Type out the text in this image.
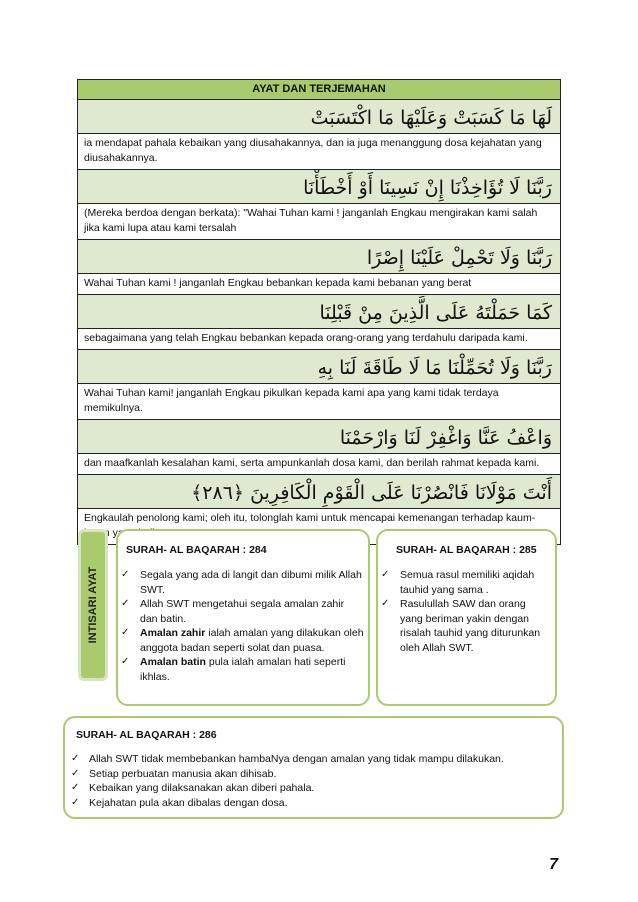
AYAT DAN TERJEMAHAN
لَهَا مَا كَسَبَتْ وَعَلَيْهَا مَا اكْتَسَبَتْ
ia mendapat pahala kebaikan yang diusahakannya, dan ia juga menanggung dosa kejahatan yang diusahakannya.
رَبَّنَا لَا تُؤَاخِذْنَا إِنْ نَسِينَا أَوْ أَخْطَأْنَا
(Mereka berdoa dengan berkata): "Wahai Tuhan kami ! janganlah Engkau mengirakan kami salah jika kami lupa atau kami tersalah
رَبَّنَا وَلَا تَحْمِلْ عَلَيْنَا إِصْرًا
Wahai Tuhan kami ! janganlah Engkau bebankan kepada kami bebanan yang berat
كَمَا حَمَلْتَهُ عَلَى الَّذِينَ مِنْ قَبْلِنَا
sebagaimana yang telah Engkau bebankan kepada orang-orang yang terdahulu daripada kami.
رَبَّنَا وَلَا تُحَمِّلْنَا مَا لَا طَاقَةَ لَنَا بِهِ
Wahai Tuhan kami! janganlah Engkau pikulkan kepada kami apa yang kami tidak terdaya memikulnya.
وَاعْفُ عَنَّا وَاغْفِرْ لَنَا وَارْحَمْنَا
dan maafkanlah kesalahan kami, serta ampunkanlah dosa kami, dan berilah rahmat kepada kami.
أَنْتَ مَوْلَانَا فَانْصُرْنَا عَلَى الْقَوْمِ الْكَافِرِينَ ﴿٢٨٦﴾
Engkaulah penolong kami; oleh itu, tolonglah kami untuk mencapai kemenangan terhadap kaum-
INTISARI AYAT
SURAH- AL BAQARAH : 284
✓ Segala yang ada di langit dan dibumi milik Allah SWT.
✓ Allah SWT mengetahui segala amalan zahir dan batin.
✓ Amalan zahir ialah amalan yang dilakukan oleh anggota badan seperti solat dan puasa.
✓ Amalan batin pula ialah amalan hati seperti ikhlas.
SURAH- AL BAQARAH : 285
✓ Semua rasul memiliki aqidah tauhid yang sama .
✓ Rasulullah SAW dan orang yang beriman yakin dengan risalah tauhid yang diturunkan oleh Allah SWT.
SURAH- AL BAQARAH : 286
✓ Allah SWT tidak membebankan hambaNya dengan amalan yang tidak mampu dilakukan.
✓ Setiap perbuatan manusia akan dihisab.
✓ Kebaikan yang dilaksanakan akan diberi pahala.
✓ Kejahatan pula akan dibalas dengan dosa.
7
